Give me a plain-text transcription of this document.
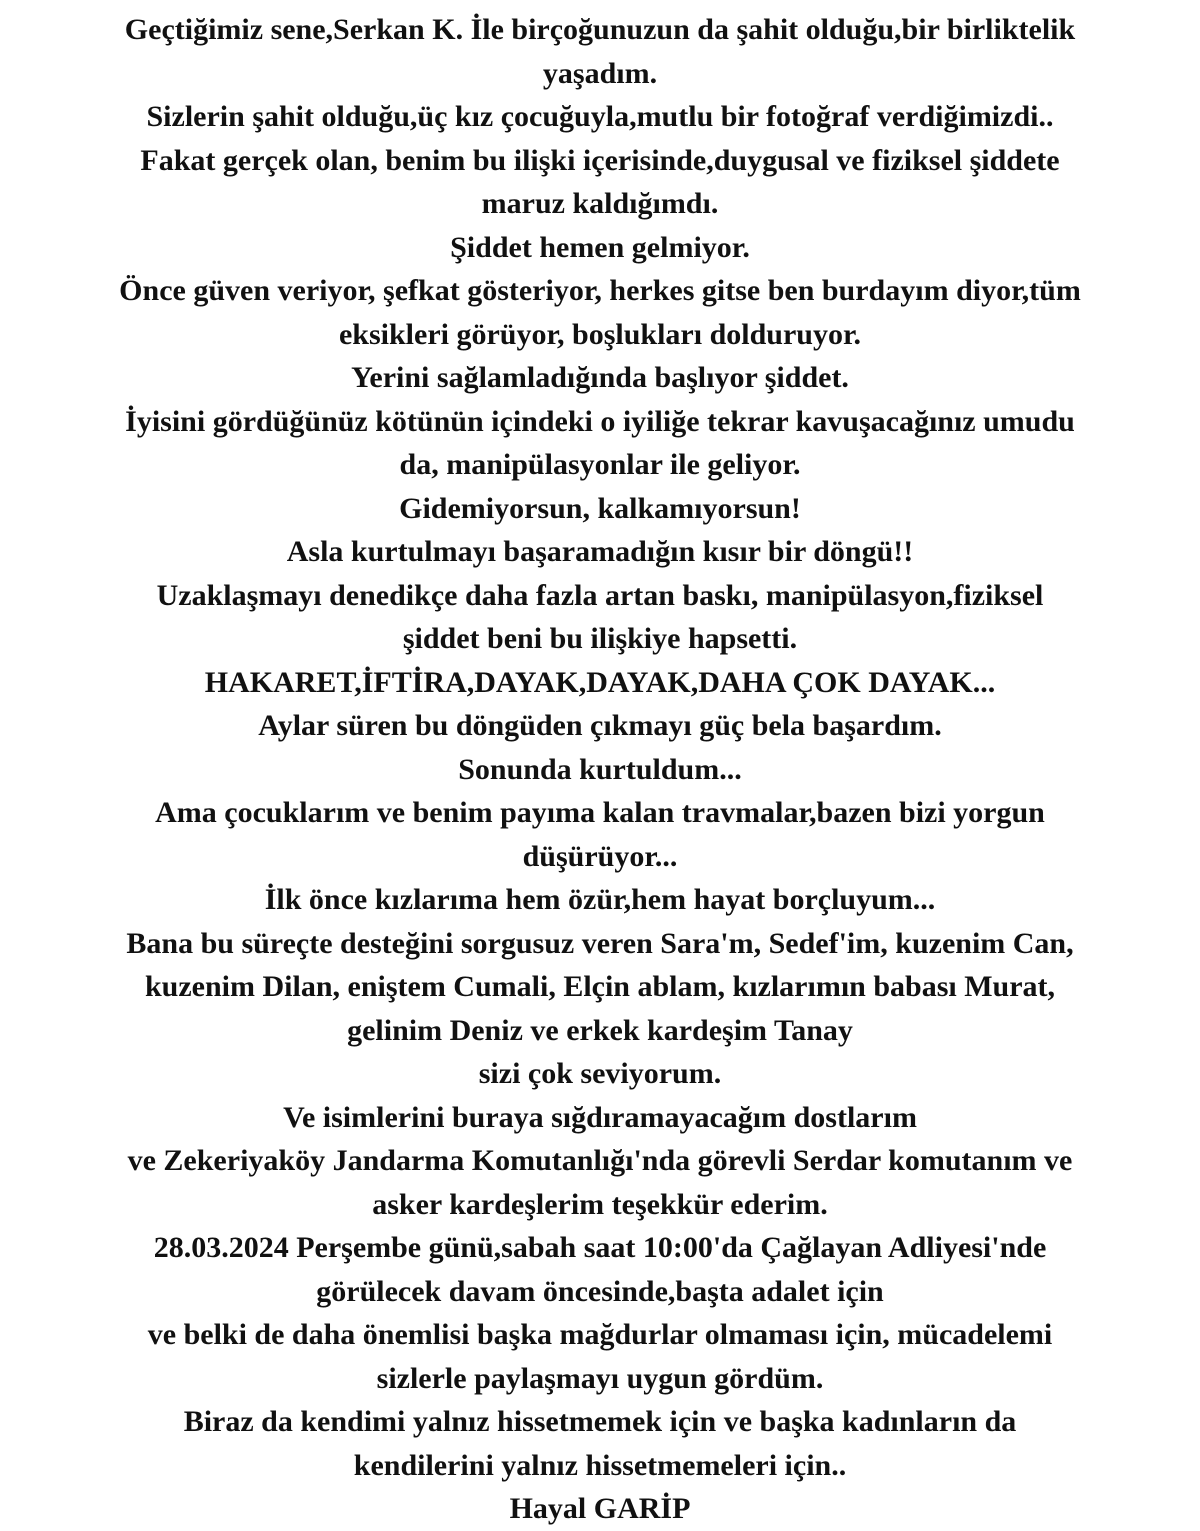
Geçtiğimiz sene,Serkan K. İle birçoğunuzun da şahit olduğu,bir birliktelik
yaşadım.
Sizlerin şahit olduğu,üç kız çocuğuyla,mutlu bir fotoğraf verdiğimizdi..
Fakat gerçek olan, benim bu ilişki içerisinde,duygusal ve fiziksel şiddete
maruz kaldığımdı.
Şiddet hemen gelmiyor.
Önce güven veriyor, şefkat gösteriyor, herkes gitse ben burdayım diyor,tüm
eksikleri görüyor, boşlukları dolduruyor.
Yerini sağlamladığında başlıyor şiddet.
İyisini gördüğünüz kötünün içindeki o iyiliğe tekrar kavuşacağınız umudu
da, manipülasyonlar ile geliyor.
Gidemiyorsun, kalkamıyorsun!
Asla kurtulmayı başaramadığın kısır bir döngü!!
Uzaklaşmayı denedikçe daha fazla artan baskı, manipülasyon,fiziksel
şiddet beni bu ilişkiye hapsetti.
HAKARET,İFTİRA,DAYAK,DAYAK,DAHA ÇOK DAYAK...
Aylar süren bu döngüden çıkmayı güç bela başardım.
Sonunda kurtuldum...
Ama çocuklarım ve benim payıma kalan travmalar,bazen bizi yorgun
düşürüyor...
İlk önce kızlarıma hem özür,hem hayat borçluyum...
Bana bu süreçte desteğini sorgusuz veren Sara'm, Sedef'im, kuzenim Can,
kuzenim Dilan, eniştem Cumali, Elçin ablam, kızlarımın babası Murat,
gelinim Deniz ve erkek kardeşim Tanay
sizi çok seviyorum.
Ve isimlerini buraya sığdıramayacağım dostlarım
ve Zekeriyaköy Jandarma Komutanlığı'nda görevli Serdar komutanım ve
asker kardeşlerim teşekkür ederim.
28.03.2024 Perşembe günü,sabah saat 10:00'da Çağlayan Adliyesi'nde
görülecek davam öncesinde,başta adalet için
ve belki de daha önemlisi başka mağdurlar olmaması için, mücadelemi
sizlerle paylaşmayı uygun gördüm.
Biraz da kendimi yalnız hissetmemek için ve başka kadınların da
kendilerini yalnız hissetmemeleri için..
Hayal GARİP
